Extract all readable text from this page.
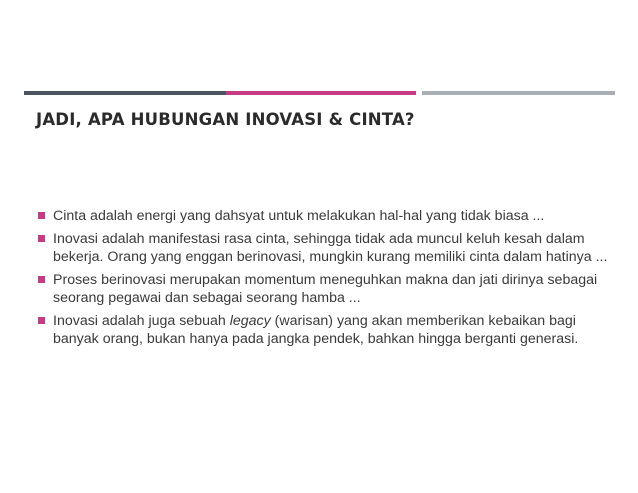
JADI, APA HUBUNGAN INOVASI & CINTA?
Cinta adalah energi yang dahsyat untuk melakukan hal-hal yang tidak biasa ...
Inovasi adalah manifestasi rasa cinta, sehingga tidak ada muncul keluh kesah dalam
bekerja. Orang yang enggan berinovasi, mungkin kurang memiliki cinta dalam hatinya ...
Proses berinovasi merupakan momentum meneguhkan makna dan jati dirinya sebagai
seorang pegawai dan sebagai seorang hamba ...
Inovasi adalah juga sebuah legacy (warisan) yang akan memberikan kebaikan bagi
banyak orang, bukan hanya pada jangka pendek, bahkan hingga berganti generasi.
